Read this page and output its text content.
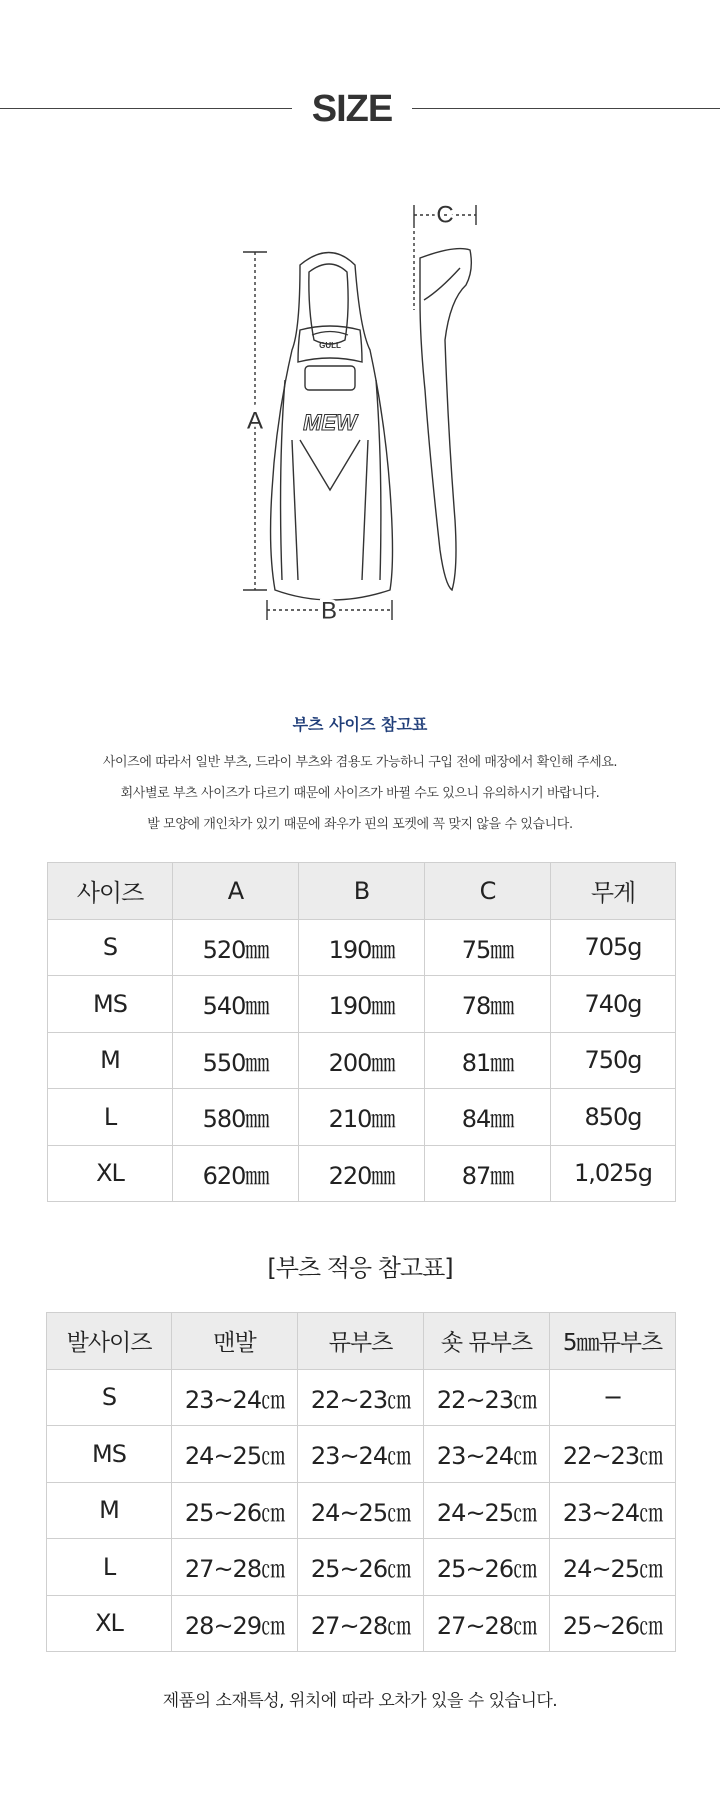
SIZE
GULL
MEW
A
B
C
부츠 사이즈 참고표
사이즈에 따라서 일반 부츠, 드라이 부츠와 겸용도 가능하니 구입 전에 매장에서 확인해 주세요.
회사별로 부츠 사이즈가 다르기 때문에 사이즈가 바뀔 수도 있으니 유의하시기 바랍니다.
발 모양에 개인차가 있기 때문에 좌우가 핀의 포켓에 꼭 맞지 않을 수 있습니다.
사이즈	A	B	C	무게
S	520㎜	190㎜	75㎜	705g
MS	540㎜	190㎜	78㎜	740g
M	550㎜	200㎜	81㎜	750g
L	580㎜	210㎜	84㎜	850g
XL	620㎜	220㎜	87㎜	1,025g
[부츠 적응 참고표]
발사이즈	맨발	뮤부츠	숏 뮤부츠	5㎜뮤부츠
S	23~24㎝	22~23㎝	22~23㎝	−
MS	24~25㎝	23~24㎝	23~24㎝	22~23㎝
M	25~26㎝	24~25㎝	24~25㎝	23~24㎝
L	27~28㎝	25~26㎝	25~26㎝	24~25㎝
XL	28~29㎝	27~28㎝	27~28㎝	25~26㎝
제품의 소재특성, 위치에 따라 오차가 있을 수 있습니다.
